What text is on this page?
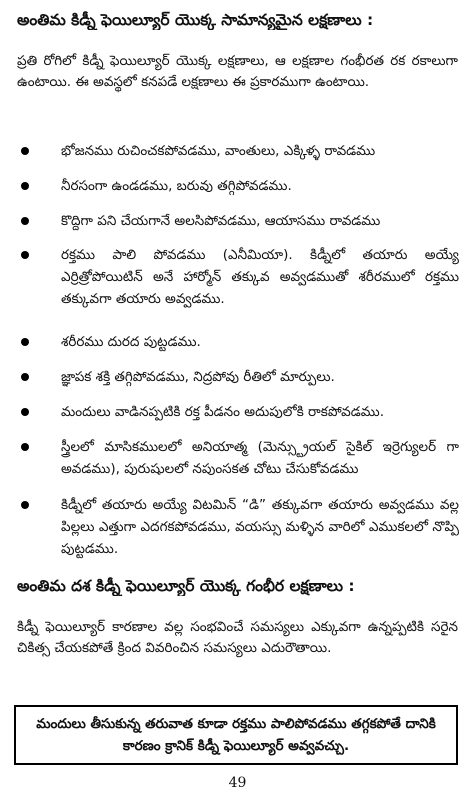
అంతిమ కిడ్నీ ఫెయిల్యూర్ యొక్క సామాన్యమైన లక్షణాలు :
ప్రతి రోగిలో కిడ్నీ ఫెయిల్యూర్ యొక్క లక్షణాలు, ఆ లక్షణాల గంభీరత రక రకాలుగా ఉంటాయి. ఈ అవస్థలో కనపడే లక్షణాలు ఈ ప్రకారముగా ఉంటాయి.
భోజనము రుచించకపోవడము, వాంతులు, ఎక్కిళ్ళ రావడము
నీరసంగా ఉండడము, బరువు తగ్గిపోవడము.
కొద్దిగా పని చేయగానే అలసిపోవడము, ఆయాసము రావడము
రక్తము పాలి పోవడము (ఎనీమియా). కిడ్నీలో తయారు అయ్యే ఎర్రిత్రోపోయిటిన్ అనే హార్మోన్ తక్కువ అవ్వడముతో శరీరములో రక్తము తక్కువగా తయారు అవ్వడము.
శరీరము దురద పుట్టడము.
జ్ఞాపక శక్తి తగ్గిపోవడము, నిద్రపోవు రీతిలో మార్పులు.
మందులు వాడినప్పటికి రక్త పీడనం అదుపులోకి రాకపోవడము.
స్త్రీలలో మాసికములలో అనియాత్మ (మెన్స్ట్రుయల్ సైకిల్ ఇర్రెగ్యులర్ గా అవడము), పురుషులలో నపుంసకత చోటు చేసుకోవడము
కిడ్నీలో తయారు అయ్యే విటమిన్ “డి” తక్కువగా తయారు అవ్వడము వల్ల పిల్లలు ఎత్తుగా ఎదగకపోవడము, వయస్సు మళ్ళిన వారిలో ఎముకలలో నొప్పి పుట్టడము.
అంతిమ దశ కిడ్నీ ఫెయిల్యూర్ యొక్క గంభీర లక్షణాలు :
కిడ్నీ ఫెయిల్యూర్ కారణాల వల్ల సంభవించే సమస్యలు ఎక్కువగా ఉన్నప్పటికి సరైన చికిత్స చేయకపోతే క్రింద వివరించిన సమస్యలు ఎదురౌతాయి.
మందులు తీసుకున్న తరువాత కూడా రక్తము పాలిపోవడము తగ్గకపోతే దానికి కారణం క్రానిక్ కిడ్నీ ఫెయిల్యూర్ అవ్వవచ్చు.
49
